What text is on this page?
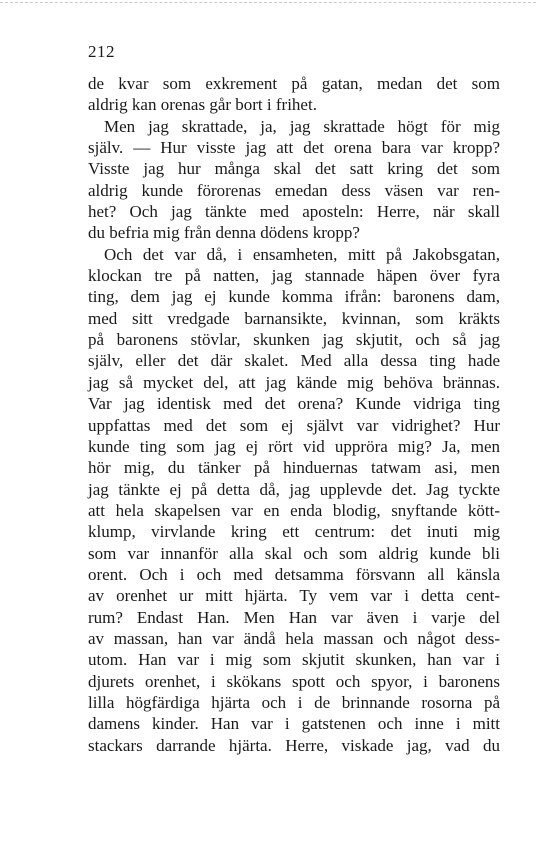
212
de kvar som exkrement på gatan, medan det som
aldrig kan orenas går bort i frihet.
Men jag skrattade, ja, jag skrattade högt för mig
själv. — Hur visste jag att det orena bara var kropp?
Visste jag hur många skal det satt kring det som
aldrig kunde förorenas emedan dess väsen var ren-
het? Och jag tänkte med aposteln: Herre, när skall
du befria mig från denna dödens kropp?
Och det var då, i ensamheten, mitt på Jakobsgatan,
klockan tre på natten, jag stannade häpen över fyra
ting, dem jag ej kunde komma ifrån: baronens dam,
med sitt vredgade barnansikte, kvinnan, som kräkts
på baronens stövlar, skunken jag skjutit, och så jag
själv, eller det där skalet. Med alla dessa ting hade
jag så mycket del, att jag kände mig behöva brännas.
Var jag identisk med det orena? Kunde vidriga ting
uppfattas med det som ej självt var vidrighet? Hur
kunde ting som jag ej rört vid uppröra mig? Ja, men
hör mig, du tänker på hinduernas tatwam asi, men
jag tänkte ej på detta då, jag upplevde det. Jag tyckte
att hela skapelsen var en enda blodig, snyftande kött-
klump, virvlande kring ett centrum: det inuti mig
som var innanför alla skal och som aldrig kunde bli
orent. Och i och med detsamma försvann all känsla
av orenhet ur mitt hjärta. Ty vem var i detta cent-
rum? Endast Han. Men Han var även i varje del
av massan, han var ändå hela massan och något dess-
utom. Han var i mig som skjutit skunken, han var i
djurets orenhet, i skökans spott och spyor, i baronens
lilla högfärdiga hjärta och i de brinnande rosorna på
damens kinder. Han var i gatstenen och inne i mitt
stackars darrande hjärta. Herre, viskade jag, vad du
